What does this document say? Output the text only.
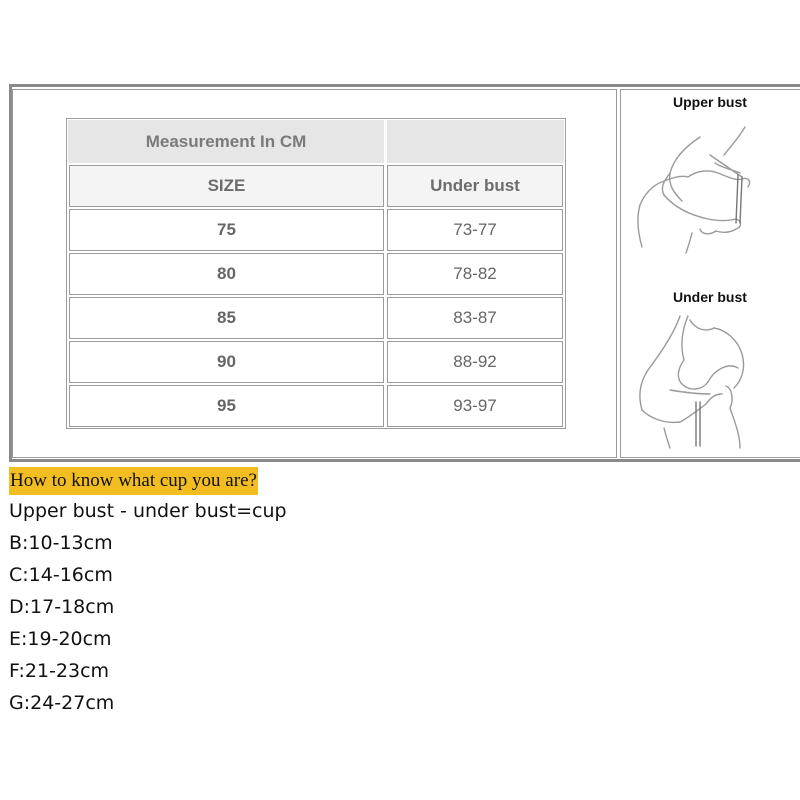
Measurement In CM
SIZE	Under bust
75	73-77
80	78-82
85	83-87
90	88-92
95	93-97
Upper bust
Under bust
How to know what cup you are?
Upper bust - under bust=cup
B:10-13cm
C:14-16cm
D:17-18cm
E:19-20cm
F:21-23cm
G:24-27cm
